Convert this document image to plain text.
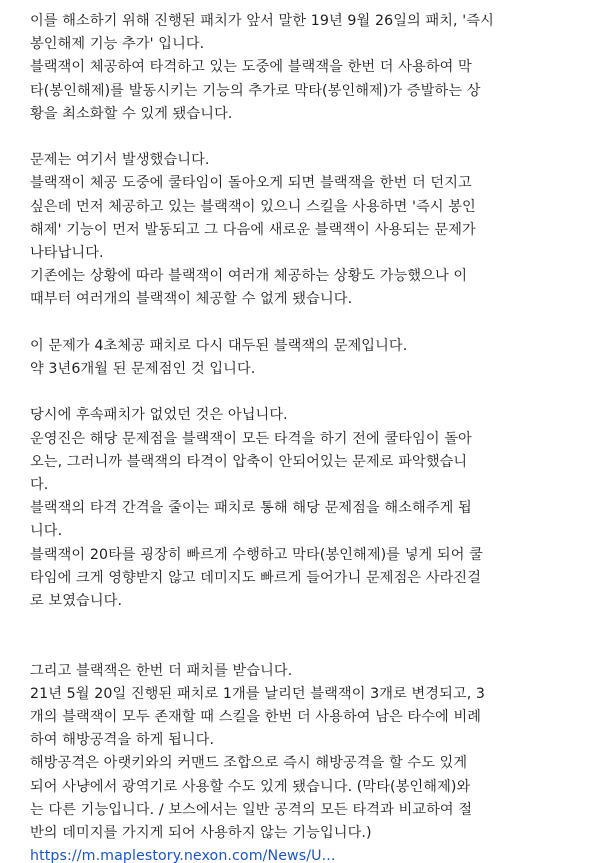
이를 해소하기 위해 진행된 패치가 앞서 말한 19년 9월 26일의 패치, '즉시
봉인해제 기능 추가' 입니다.
블랙잭이 체공하여 타격하고 있는 도중에 블랙잭을 한번 더 사용하여 막
타(봉인해제)를 발동시키는 기능의 추가로 막타(봉인해제)가 증발하는 상
황을 최소화할 수 있게 됐습니다.

문제는 여기서 발생했습니다.
블랙잭이 체공 도중에 쿨타임이 돌아오게 되면 블랙잭을 한번 더 던지고
싶은데 먼저 체공하고 있는 블랙잭이 있으니 스킬을 사용하면 '즉시 봉인
해제' 기능이 먼저 발동되고 그 다음에 새로운 블랙잭이 사용되는 문제가
나타납니다.
기존에는 상황에 따라 블랙잭이 여러개 체공하는 상황도 가능했으나 이
때부터 여러개의 블랙잭이 체공할 수 없게 됐습니다.

이 문제가 4초체공 패치로 다시 대두된 블랙잭의 문제입니다.
약 3년6개월 된 문제점인 것 입니다.

당시에 후속패치가 없었던 것은 아닙니다.
운영진은 해당 문제점을 블랙잭이 모든 타격을 하기 전에 쿨타임이 돌아
오는, 그러니까 블랙잭의 타격이 압축이 안되어있는 문제로 파악했습니
다.
블랙잭의 타격 간격을 줄이는 패치로 통해 해당 문제점을 해소해주게 됩
니다.
블랙잭이 20타를 굉장히 빠르게 수행하고 막타(봉인해제)를 넣게 되어 쿨
타임에 크게 영향받지 않고 데미지도 빠르게 들어가니 문제점은 사라진걸
로 보였습니다.

그리고 블랙잭은 한번 더 패치를 받습니다.
21년 5월 20일 진행된 패치로 1개를 날리던 블랙잭이 3개로 변경되고, 3
개의 블랙잭이 모두 존재할 때 스킬을 한번 더 사용하여 남은 타수에 비례
하여 해방공격을 하게 됩니다.
해방공격은 아랫키와의 커맨드 조합으로 즉시 해방공격을 할 수도 있게
되어 사냥에서 광역기로 사용할 수도 있게 됐습니다. (막타(봉인해제)와
는 다른 기능입니다. / 보스에서는 일반 공격의 모든 타격과 비교하여 절
반의 데미지를 가지게 되어 사용하지 않는 기능입니다.)

https://m.maplestory.nexon.com/News/U...
